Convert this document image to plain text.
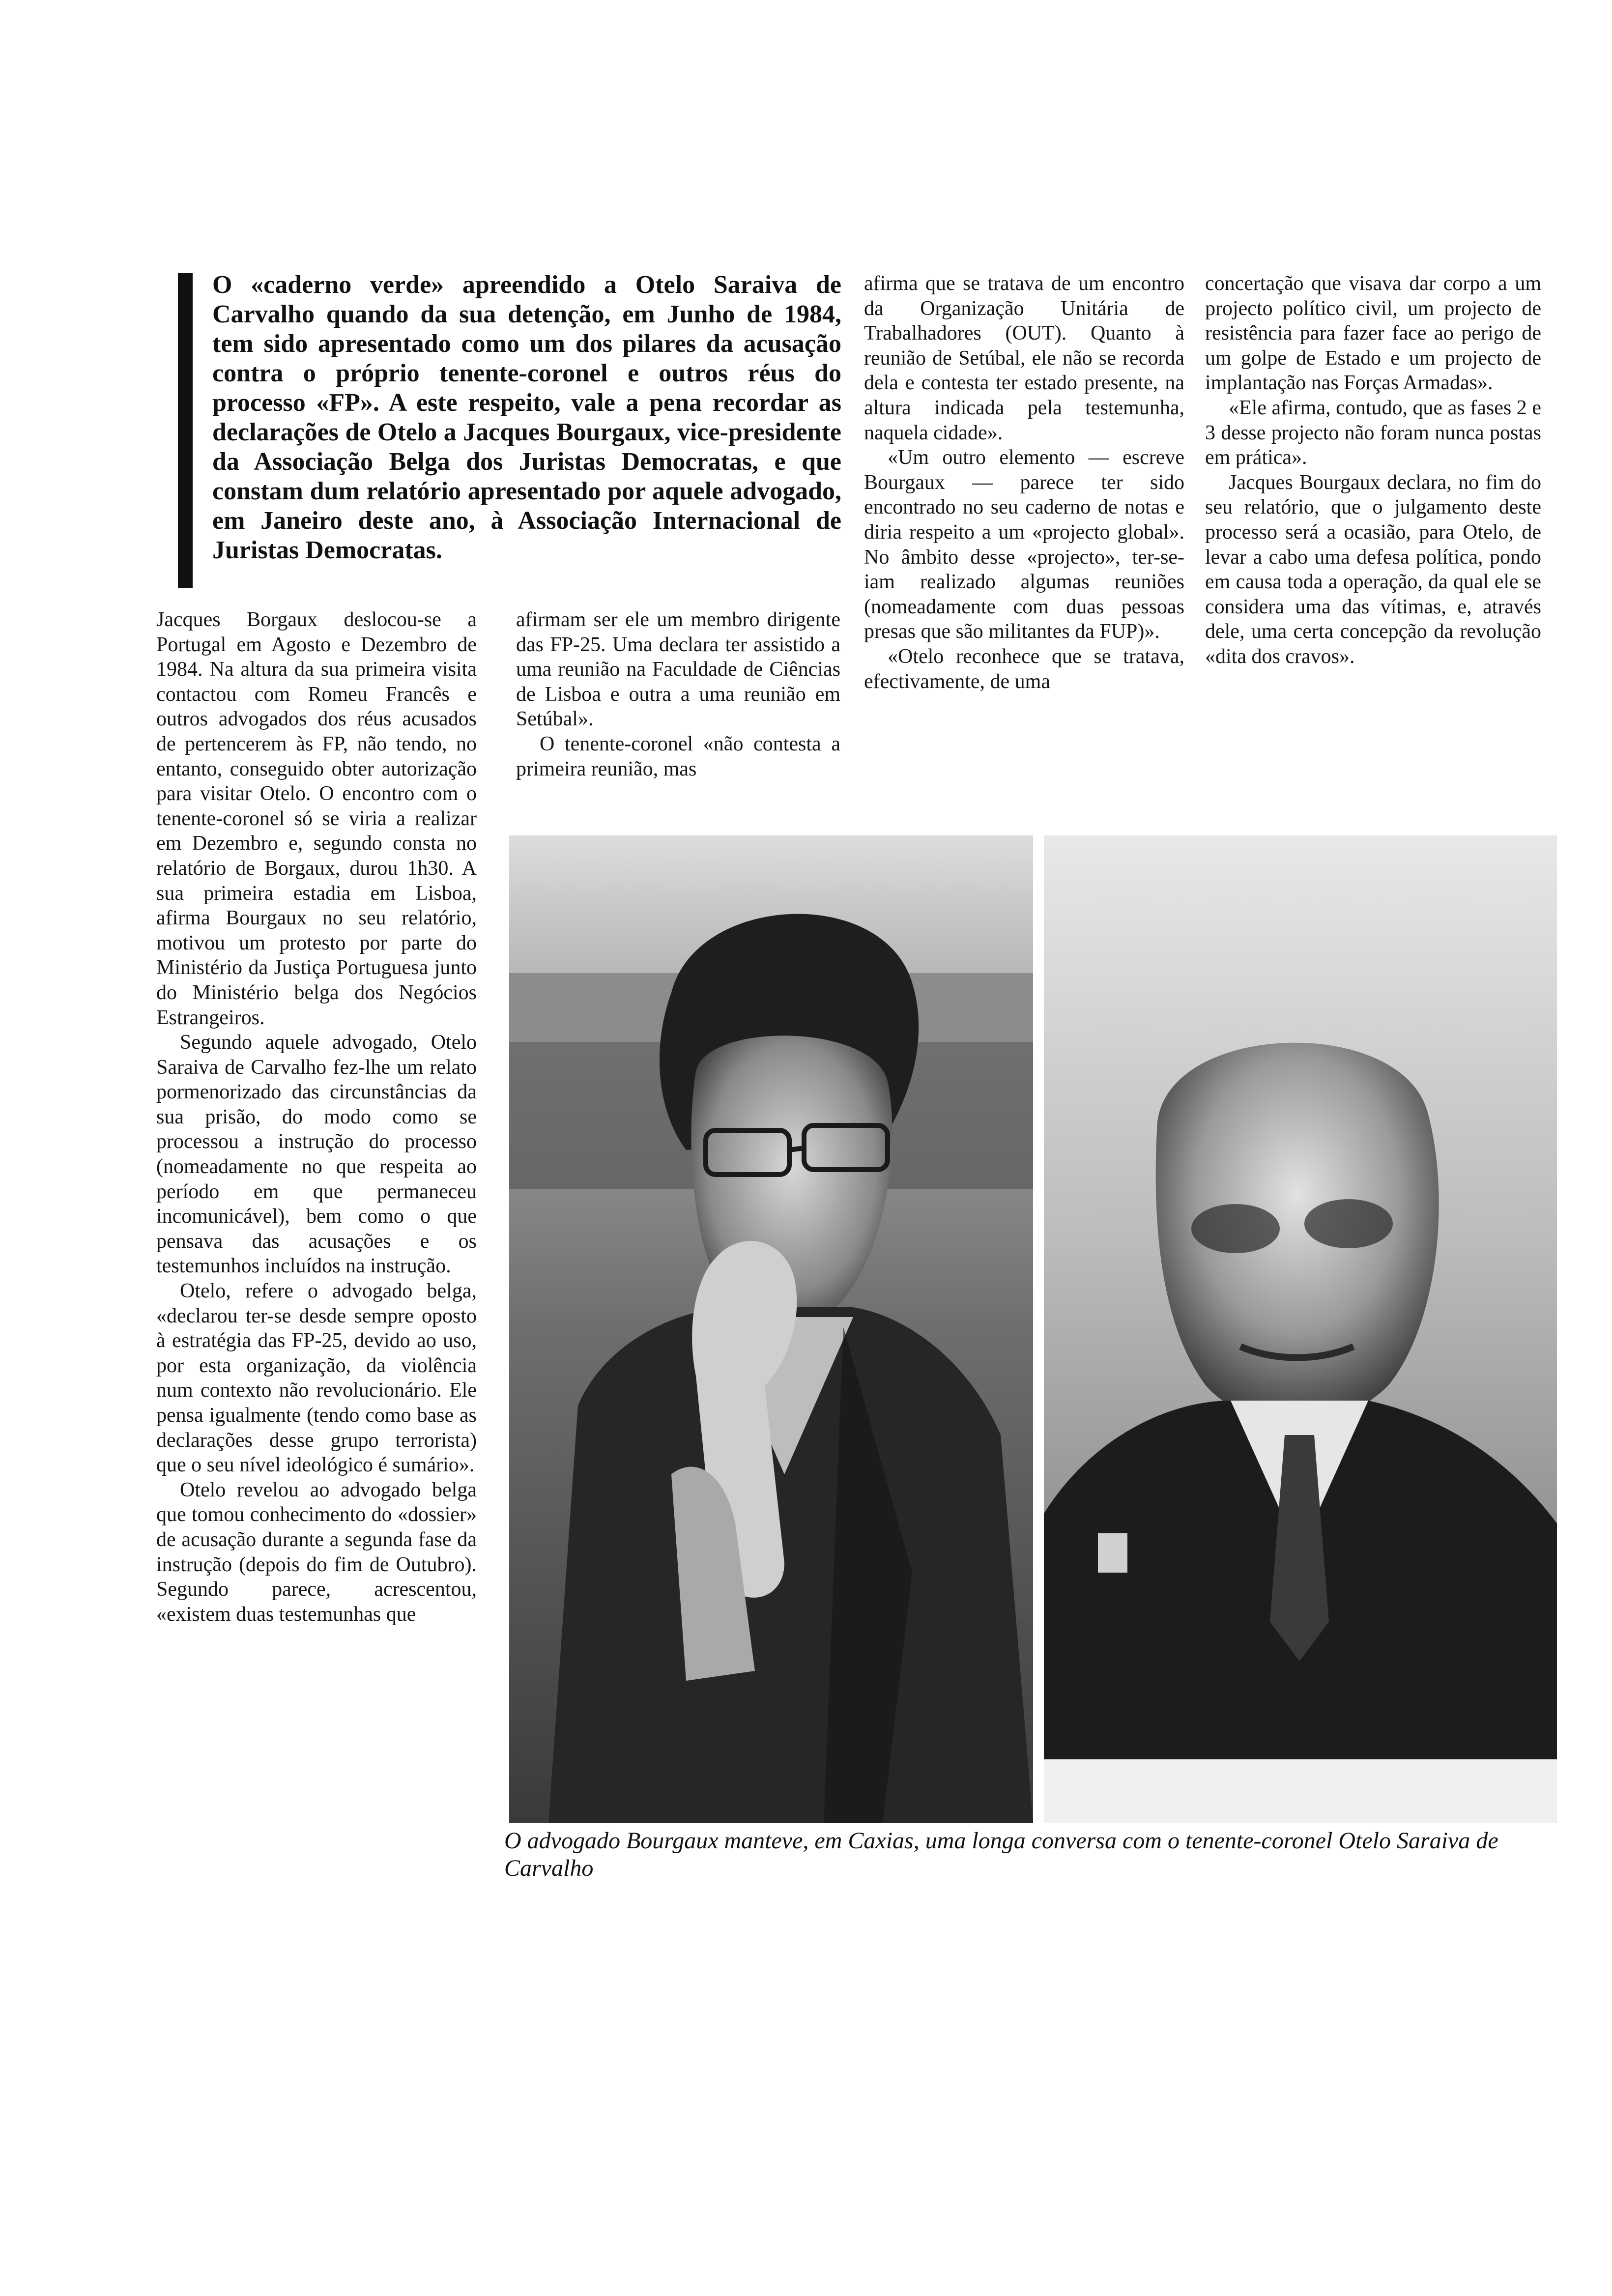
O «caderno verde» apreendido a Otelo Saraiva de Carvalho quando da sua detenção, em Junho de 1984, tem sido apresentado como um dos pilares da acusação contra o próprio tenente-coronel e outros réus do processo «FP». A este respeito, vale a pena recordar as declarações de Otelo a Jacques Bourgaux, vice-presidente da Associação Belga dos Juristas Democratas, e que constam dum relatório apresentado por aquele advogado, em Janeiro deste ano, à Associação Internacional de Juristas Democratas.

Jacques Borgaux deslocou-se a Portugal em Agosto e Dezembro de 1984. Na altura da sua primeira visita contactou com Romeu Francês e outros advogados dos réus acusados de pertencerem às FP, não tendo, no entanto, conseguido obter autorização para visitar Otelo. O encontro com o tenente-coronel só se viria a realizar em Dezembro e, segundo consta no relatório de Borgaux, durou 1h30. A sua primeira estadia em Lisboa, afirma Bourgaux no seu relatório, motivou um protesto por parte do Ministério da Justiça Portuguesa junto do Ministério belga dos Negócios Estrangeiros.

Segundo aquele advogado, Otelo Saraiva de Carvalho fez-lhe um relato pormenorizado das circunstâncias da sua prisão, do modo como se processou a instrução do processo (nomeadamente no que respeita ao período em que permaneceu incomunicável), bem como o que pensava das acusações e os testemunhos incluídos na instrução.

Otelo, refere o advogado belga, «declarou ter-se desde sempre oposto à estratégia das FP-25, devido ao uso, por esta organização, da violência num contexto não revolucionário. Ele pensa igualmente (tendo como base as declarações desse grupo terrorista) que o seu nível ideológico é sumário».

Otelo revelou ao advogado belga que tomou conhecimento do «dossier» de acusação durante a segunda fase da instrução (depois do fim de Outubro). Segundo parece, acrescentou, «existem duas testemunhas que

afirmam ser ele um membro dirigente das FP-25. Uma declara ter assistido a uma reunião na Faculdade de Ciências de Lisboa e outra a uma reunião em Setúbal».

O tenente-coronel «não contesta a primeira reunião, mas

afirma que se tratava de um encontro da Organização Unitária de Trabalhadores (OUT). Quanto à reunião de Setúbal, ele não se recorda dela e contesta ter estado presente, na altura indicada pela testemunha, naquela cidade».

«Um outro elemento — escreve Bourgaux — parece ter sido encontrado no seu caderno de notas e diria respeito a um «projecto global». No âmbito desse «projecto», ter-se-iam realizado algumas reuniões (nomeadamente com duas pessoas presas que são militantes da FUP)».

«Otelo reconhece que se tratava, efectivamente, de uma

concertação que visava dar corpo a um projecto político civil, um projecto de resistência para fazer face ao perigo de um golpe de Estado e um projecto de implantação nas Forças Armadas».

«Ele afirma, contudo, que as fases 2 e 3 desse projecto não foram nunca postas em prática».

Jacques Bourgaux declara, no fim do seu relatório, que o julgamento deste processo será a ocasião, para Otelo, de levar a cabo uma defesa política, pondo em causa toda a operação, da qual ele se considera uma das vítimas, e, através dele, uma certa concepção da revolução «dita dos cravos».

O advogado Bourgaux manteve, em Caxias, uma longa conversa com o tenente-coronel Otelo Saraiva de Carvalho
